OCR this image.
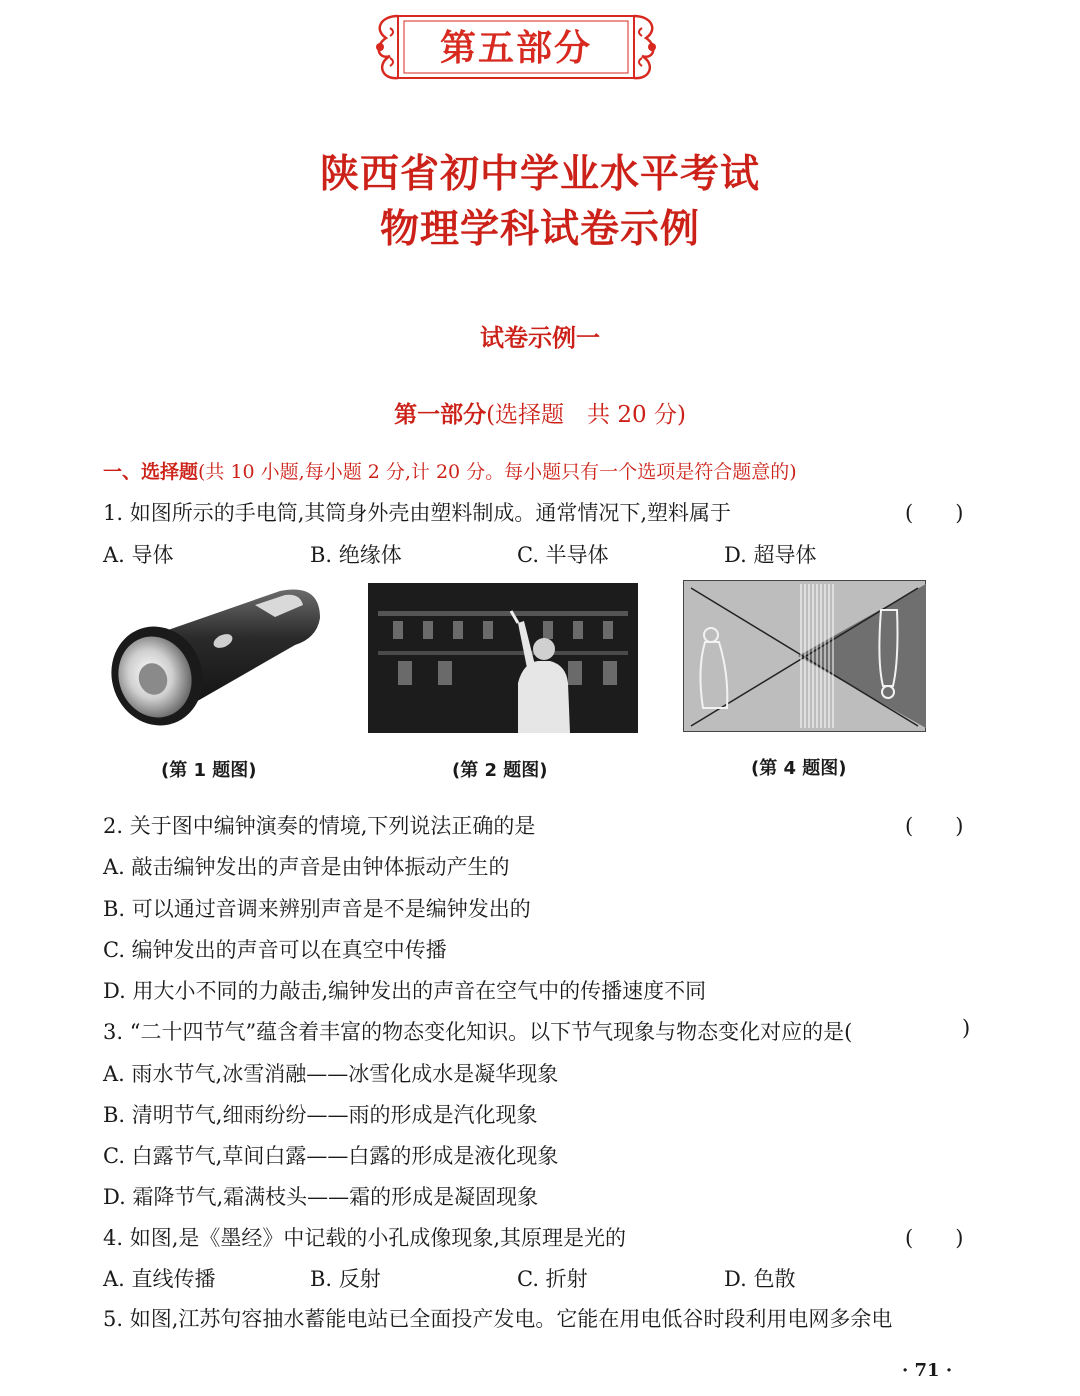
第五部分
陕西省初中学业水平考试
物理学科试卷示例
试卷示例一
第一部分(选择题　共 20 分)
一、选择题(共 10 小题,每小题 2 分,计 20 分。每小题只有一个选项是符合题意的)
1. 如图所示的手电筒,其筒身外壳由塑料制成。通常情况下,塑料属于	(　　)
A. 导体	B. 绝缘体	C. 半导体	D. 超导体
(第 1 题图)	(第 2 题图)	(第 4 题图)
2. 关于图中编钟演奏的情境,下列说法正确的是	(　　)
A. 敲击编钟发出的声音是由钟体振动产生的
B. 可以通过音调来辨别声音是不是编钟发出的
C. 编钟发出的声音可以在真空中传播
D. 用大小不同的力敲击,编钟发出的声音在空气中的传播速度不同
3. “二十四节气”蕴含着丰富的物态变化知识。以下节气现象与物态变化对应的是(	)
A. 雨水节气,冰雪消融——冰雪化成水是凝华现象
B. 清明节气,细雨纷纷——雨的形成是汽化现象
C. 白露节气,草间白露——白露的形成是液化现象
D. 霜降节气,霜满枝头——霜的形成是凝固现象
4. 如图,是《墨经》中记载的小孔成像现象,其原理是光的	(　　)
A. 直线传播	B. 反射	C. 折射	D. 色散
5. 如图,江苏句容抽水蓄能电站已全面投产发电。它能在用电低谷时段利用电网多余电
· 71 ·
